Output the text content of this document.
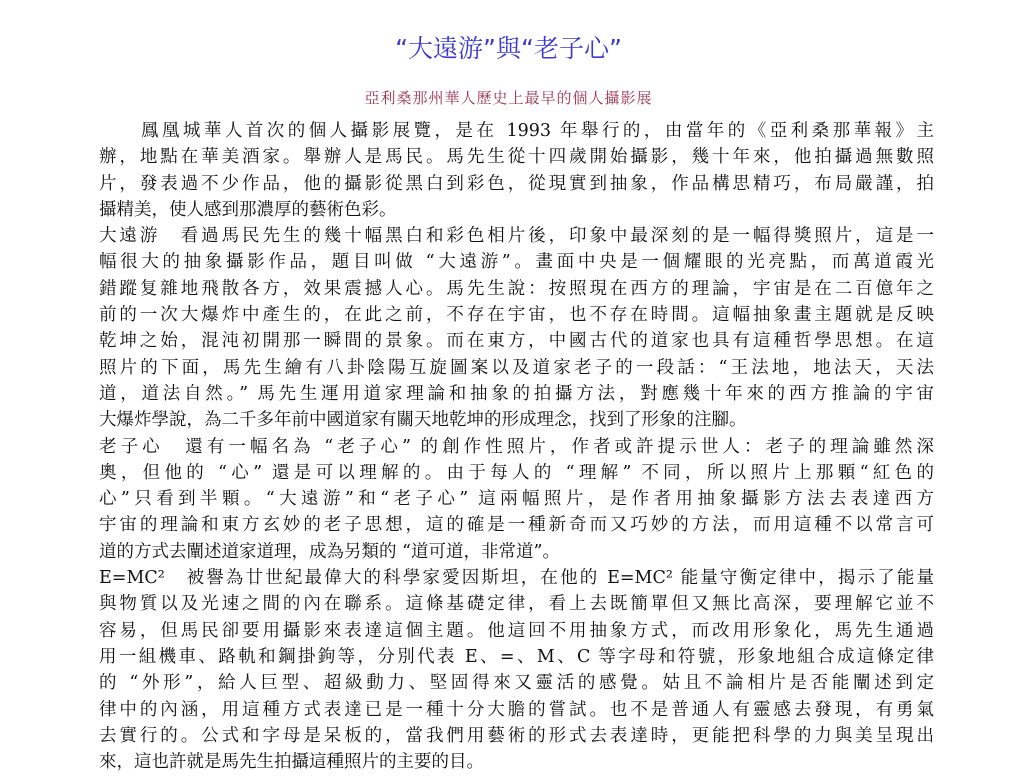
“大遠游”與“老子心”
亞利桑那州華人歷史上最早的個人攝影展
　　鳳凰城華人首次的個人攝影展覽，是在 1993 年舉行的，由當年的《亞利桑那華報》主
辦，地點在華美酒家。舉辦人是馬民。馬先生從十四歲開始攝影，幾十年來，他拍攝過無數照
片，發表過不少作品，他的攝影從黑白到彩色，從現實到抽象，作品構思精巧，布局嚴謹，拍
攝精美，使人感到那濃厚的藝術色彩。
大遠游　看過馬民先生的幾十幅黑白和彩色相片後，印象中最深刻的是一幅得獎照片，這是一
幅很大的抽象攝影作品，題目叫做 “大遠游”。畫面中央是一個耀眼的光亮點，而萬道霞光
錯蹤复雜地飛散各方，效果震撼人心。馬先生說：按照現在西方的理論，宇宙是在二百億年之
前的一次大爆炸中產生的，在此之前，不存在宇宙，也不存在時間。這幅抽象畫主題就是反映
乾坤之始，混沌初開那一瞬間的景象。而在東方，中國古代的道家也具有這種哲學思想。在這
照片的下面，馬先生繪有八卦陰陽互旋圖案以及道家老子的一段話：“王法地，地法天，天法
道，道法自然。” 馬先生運用道家理論和抽象的拍攝方法，對應幾十年來的西方推論的宇宙
大爆炸學說，為二千多年前中國道家有關天地乾坤的形成理念，找到了形象的注腳。
老子心　還有一幅名為 “老子心” 的創作性照片，作者或許提示世人：老子的理論雖然深
奧，但他的 “心” 還是可以理解的。由于每人的 “理解” 不同，所以照片上那顆“紅色的
心”只看到半顆。“大遠游”和“老子心” 這兩幅照片，是作者用抽象攝影方法去表達西方
宇宙的理論和東方玄妙的老子思想，這的確是一種新奇而又巧妙的方法，而用這種不以常言可
道的方式去闡述道家道理，成為另類的 “道可道，非常道”。
E=MC²　被譽為廿世紀最偉大的科學家愛因斯坦，在他的 E=MC² 能量守衡定律中，揭示了能量
與物質以及光速之間的內在聯系。這條基礎定律，看上去既簡單但又無比高深，要理解它並不
容易，但馬民卻要用攝影來表達這個主題。他這回不用抽象方式，而改用形象化，馬先生通過
用一組機車、路軌和鋼掛鉤等，分別代表 E、=、M、C 等字母和符號，形象地組合成這條定律
的 “外形”，給人巨型、超級動力、堅固得來又靈活的感覺。姑且不論相片是否能闡述到定
律中的內涵，用這種方式表達已是一種十分大膽的嘗試。也不是普通人有靈感去發現，有勇氣
去實行的。公式和字母是呆板的，當我們用藝術的形式去表達時，更能把科學的力與美呈現出
來，這也許就是馬先生拍攝這種照片的主要的目。
